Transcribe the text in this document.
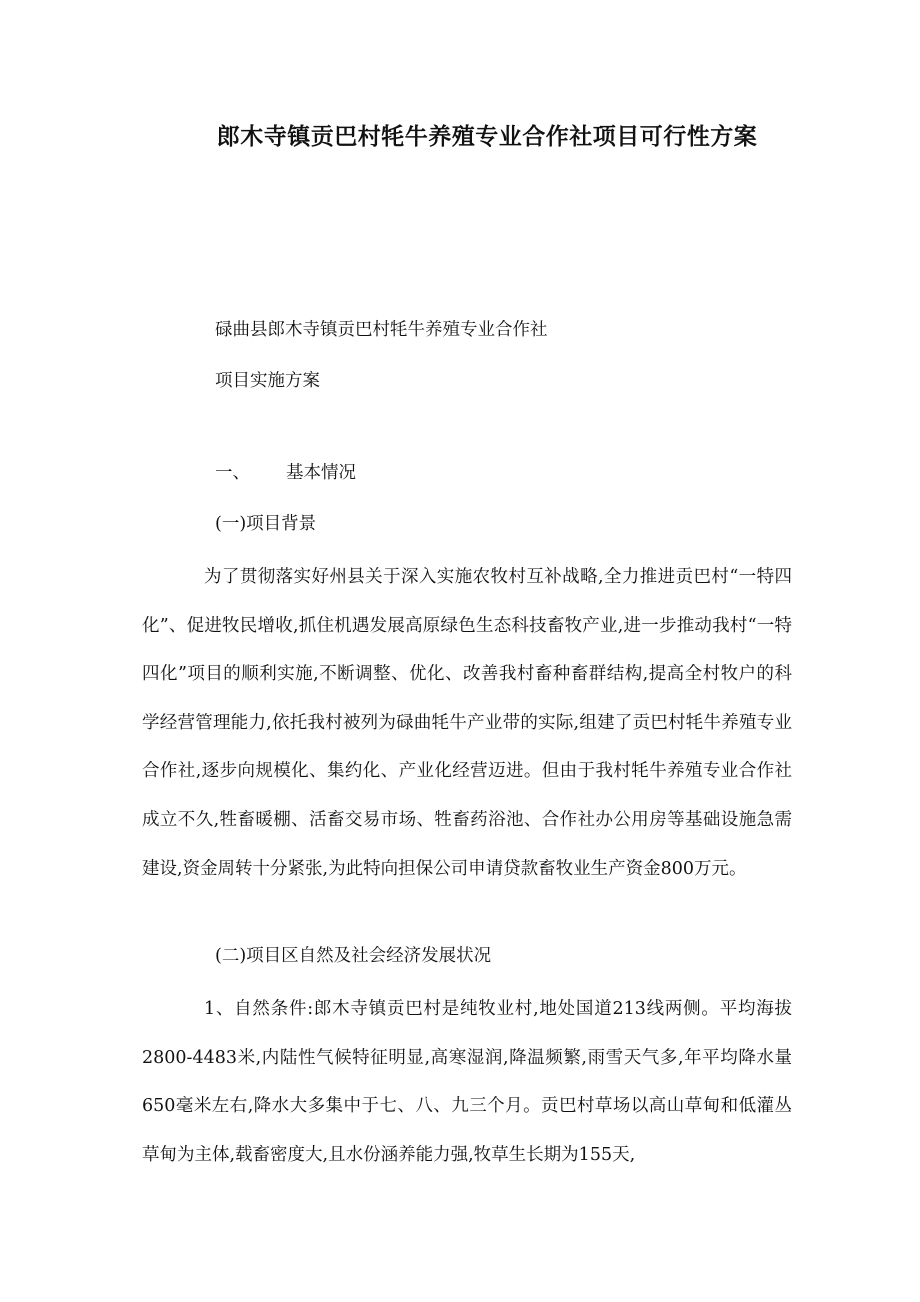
郎木寺镇贡巴村牦牛养殖专业合作社项目可行性方案
碌曲县郎木寺镇贡巴村牦牛养殖专业合作社
项目实施方案
一、 基本情况
(一)项目背景

为了贯彻落实好州县关于深入实施农牧村互补战略,全力推进贡巴村“一特四化”、促进牧民增收,抓住机遇发展高原绿色生态科技畜牧产业,进一步推动我村“一特四化”项目的顺利实施,不断调整、优化、改善我村畜种畜群结构,提高全村牧户的科学经营管理能力,依托我村被列为碌曲牦牛产业带的实际,组建了贡巴村牦牛养殖专业合作社,逐步向规模化、集约化、产业化经营迈进。但由于我村牦牛养殖专业合作社成立不久,牲畜暖棚、活畜交易市场、牲畜药浴池、合作社办公用房等基础设施急需建设,资金周转十分紧张,为此特向担保公司申请贷款畜牧业生产资金800万元。

(二)项目区自然及社会经济发展状况

1、自然条件:郎木寺镇贡巴村是纯牧业村,地处国道213线两侧。平均海拔2800-4483米,内陆性气候特征明显,高寒湿润,降温频繁,雨雪天气多,年平均降水量650毫米左右,降水大多集中于七、八、九三个月。贡巴村草场以高山草甸和低灌丛草甸为主体,载畜密度大,且水份涵养能力强,牧草生长期为155天,
